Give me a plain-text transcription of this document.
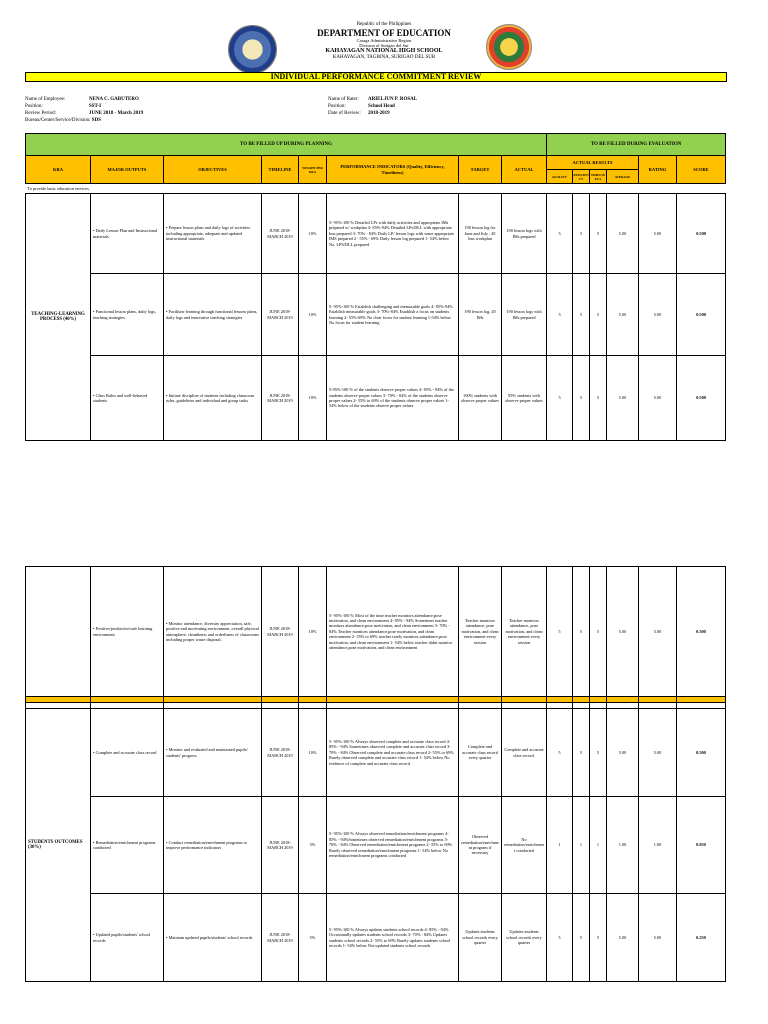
Republic of the Philippines
DEPARTMENT OF EDUCATION
Caraga Administrative Region
Division of Surigao del Sur
KAHAYAGAN NATIONAL HIGH SCHOOL
KAHAYAGAN, TAGBINA, SURIGAO DEL SUR
INDIVIDUAL PERFORMANCE COMMITMENT REVIEW
Name of Employee:	NENA C. GABUTERO
Position:	SST-I
Review Period:	JUNE 2018 - March 2019
Bureau/Center/Service/Division: SDS
Name of Rater: ARIELJUN P. ROSAL
Position:	School Head
Date of Review: 2018-2019
TO BE FILLED UP DURING PLANNING								TO BE FILLED DURING EVALUATION					
KRA	MAJOR OUTPUTS	OBJECTIVES	TIMELINE	WEIGHT PER KRA	PERFORMANCE INDICATORS (Quality, Efficiency, Timeliness)	TARGET	ACTUAL	ACTUAL RESULTS				RATING	SCORE
								QUALITY	EFFICIEN CY	TIMELINES S	AVERAGE		
To provide basic education services.													
TEACHING-LEARNING PROCESS (40%)	• Daily Lesson Plan and Instructional materials	• Prepare lesson plans and daily logs of activities including appropriate, adequate and updated instructional materials	JUNE 2018-MARCH 2019	10%	5- 95%-100 % Detailed LPs with daily activities and appropriate IMs prepared w/ workplan 4- 85%-94% Detailed LPs/DLL with appropriate Ims prepared 3- 70% - 84% Daily LP/ lesson logs with some appropriate IMS prepared 2 - 55% - 69% Daily lesson log prepared 1- 54% below No. LPS/DLL prepared	190 lesson log for June and July , 20 Ims workplan	190 lesson logs with IMs prepared	5	5	5	5.00	5.00	0.500
	• Functional lesson plans, daily logs, teaching strategies	• Facilitate learning through functional lessons plans, daily logs and innovative teaching strategies	JUNE 2018-MARCH 2019	10%	5- 95%-100 % Establish challenging and measurable goals 4- 85%-94% Establish measurable goals 3- 70%-84% Establish a focus on students learning 2- 55%-69% No clear focus for student learning 1-54% below No focus for student learning	190 lesson log, 20 IMs	190 lesson logs with IMs prepared	5	5	5	5.00	5.00	0.500
	• Class Rules and well-behaved students	• Initiate discipline of students including classroom rules, guidelines and individual and group tasks	JUNE 2018-MARCH 2019	10%	5-95%-100 % of the students observe proper values 4- 85% - 94% of the students observe proper values 3- 70% - 84% of the students observe proper values 2- 55% to 69% of the students observe proper values 1- 54% below of the students observe proper values	100% students with observe proper values	95% students with observe proper values	5	5	5	5.00	5.00	0.500
	• Positive/productive/safe learning environment	• Monitor attendance, diversity appreciation, safe, positive and motivating environment, overall physical atmosphere, cleanliness and orderliness of classrooms including proper waste disposal.	JUNE 2018-MARCH 2019	10%	5- 95%-100 % Most of the time teacher monitors attendance,pose motivation, and clean environment 4- 85% - 94% Sometimes teacher monitors attendance,pose motivation, and clean environment 3- 70% - 84% Teacher monitors attendance,pose motivation, and clean environment 2- 55% to 69% teacher rarely monitors attendance,pose motivation, and clean environment 1- 54% below teacher didnt monitor attendance,pose motivation, and clean environment	Teacher monitors attendance, pose motivation, and clean environment every session	Teacher monitors attendance, pose motivation, and clean environment every session	5	5	5	5.00	5.00	0.500

STUDENTS OUTCOMES (30%)	• Complete and accurate class record	• Monitor and evaluated and maintained pupils/ students' progress	JUNE 2018-MARCH 2019	10%	5- 95%-100 % Always observed complete and accurate class record 4- 85% - 94% Sometimes observed complete and accurate class record 3- 70% - 84% Observed complete and accurate class record 2- 55% to 69% Rarely observed complete and accurate class record 1- 54% below No evidence of complete and accurate class record	Complete and accurate class record every quarter	Complete and accurate class record.	5	5	5	5.00	5.00	0.500
	• Remediation/enrichment programs conducted	• Conduct remediation/enrichment programs to improve performance indicators	JUNE 2018-MARCH 2019	5%	5- 95%-100 % Always observed remediation/enrichment programs 4- 85% - 94%Sometimes observed remediation/enrichment programs 3- 70% - 84% Observed remediation/enrichment programs 2- 55% to 69% Rarely observed remediation/enrichment programs 1- 54% below No remediation/enrichment programs conducted	Observed remediation/enrichment program if necessary	No remediation/enrichment conducted	1	1	1	1.00	1.00	0.050
	• Updated pupils/students' school records	• Maintain updated pupils/students' school records	JUNE 2018-MARCH 2019	5%	5- 95%-100 % Always updates students school records 4- 85% - 94% Occasionally updates students school records 3- 70% - 84% Updates students school records 2- 55% to 69% Rarely updates students school records 1- 54% below Not updated students school records	Updates students school records every quarter	Updates students school records every quarter	5	5	5	5.00	5.00	0.250
